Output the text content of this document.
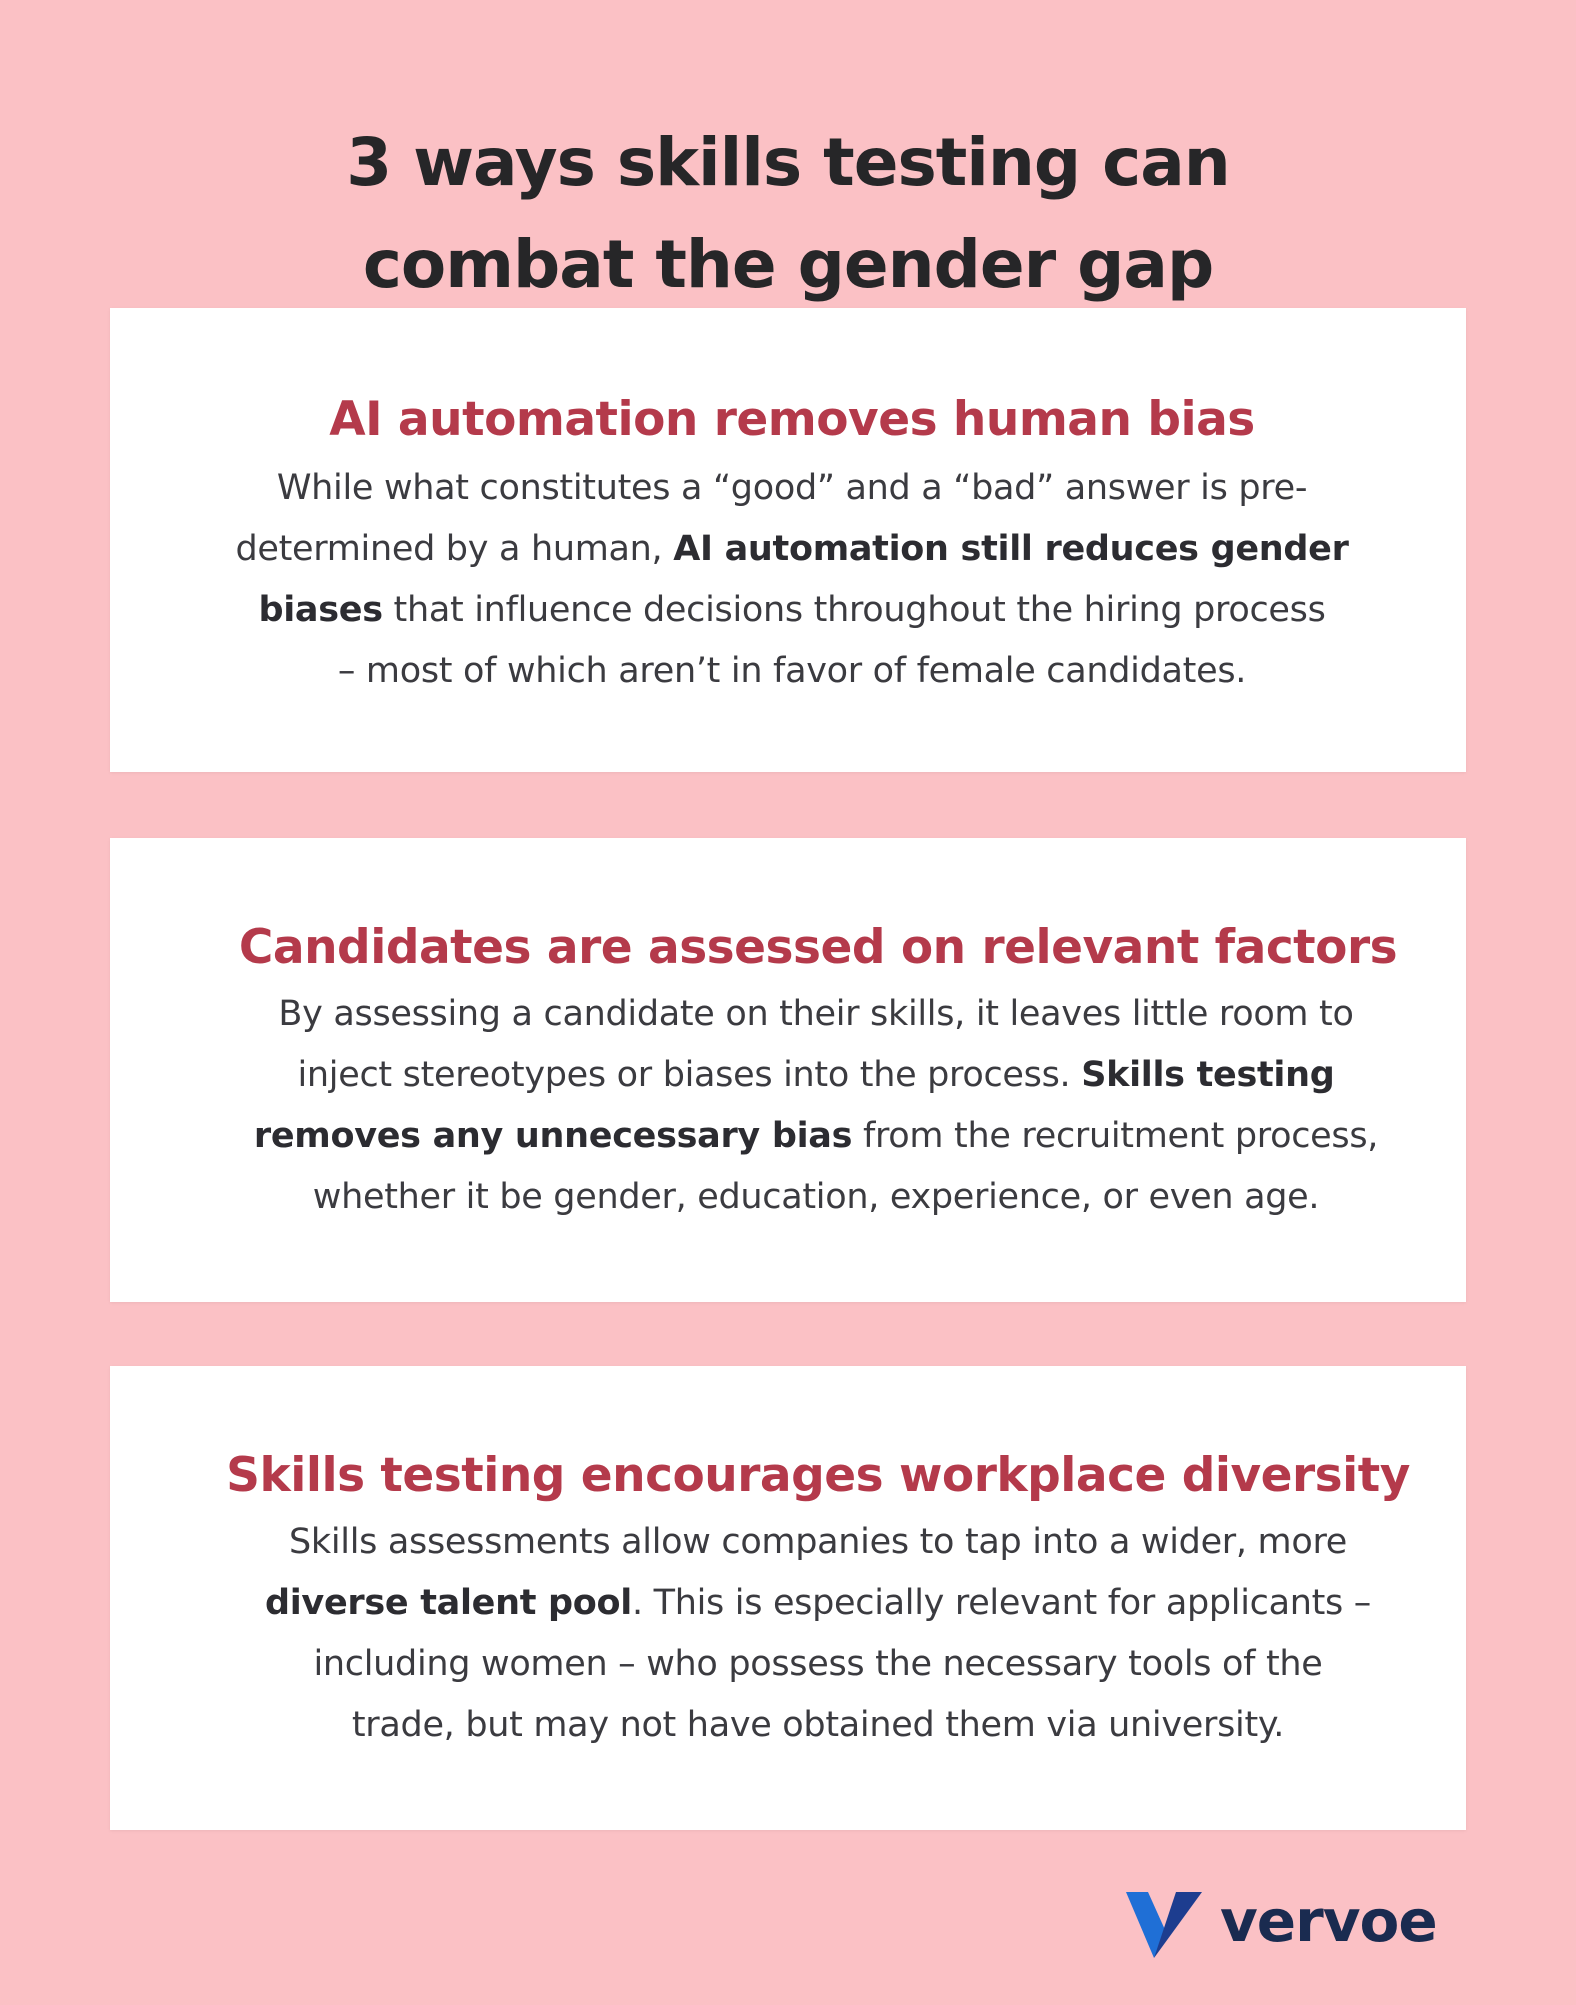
3 ways skills testing can
combat the gender gap
AI automation removes human bias
While what constitutes a “good” and a “bad” answer is pre-
determined by a human, AI automation still reduces gender
biases that influence decisions throughout the hiring process
– most of which aren’t in favor of female candidates.
Candidates are assessed on relevant factors
By assessing a candidate on their skills, it leaves little room to
inject stereotypes or biases into the process. Skills testing
removes any unnecessary bias from the recruitment process,
whether it be gender, education, experience, or even age.
Skills testing encourages workplace diversity
Skills assessments allow companies to tap into a wider, more
diverse talent pool. This is especially relevant for applicants –
including women – who possess the necessary tools of the
trade, but may not have obtained them via university.
vervoe
